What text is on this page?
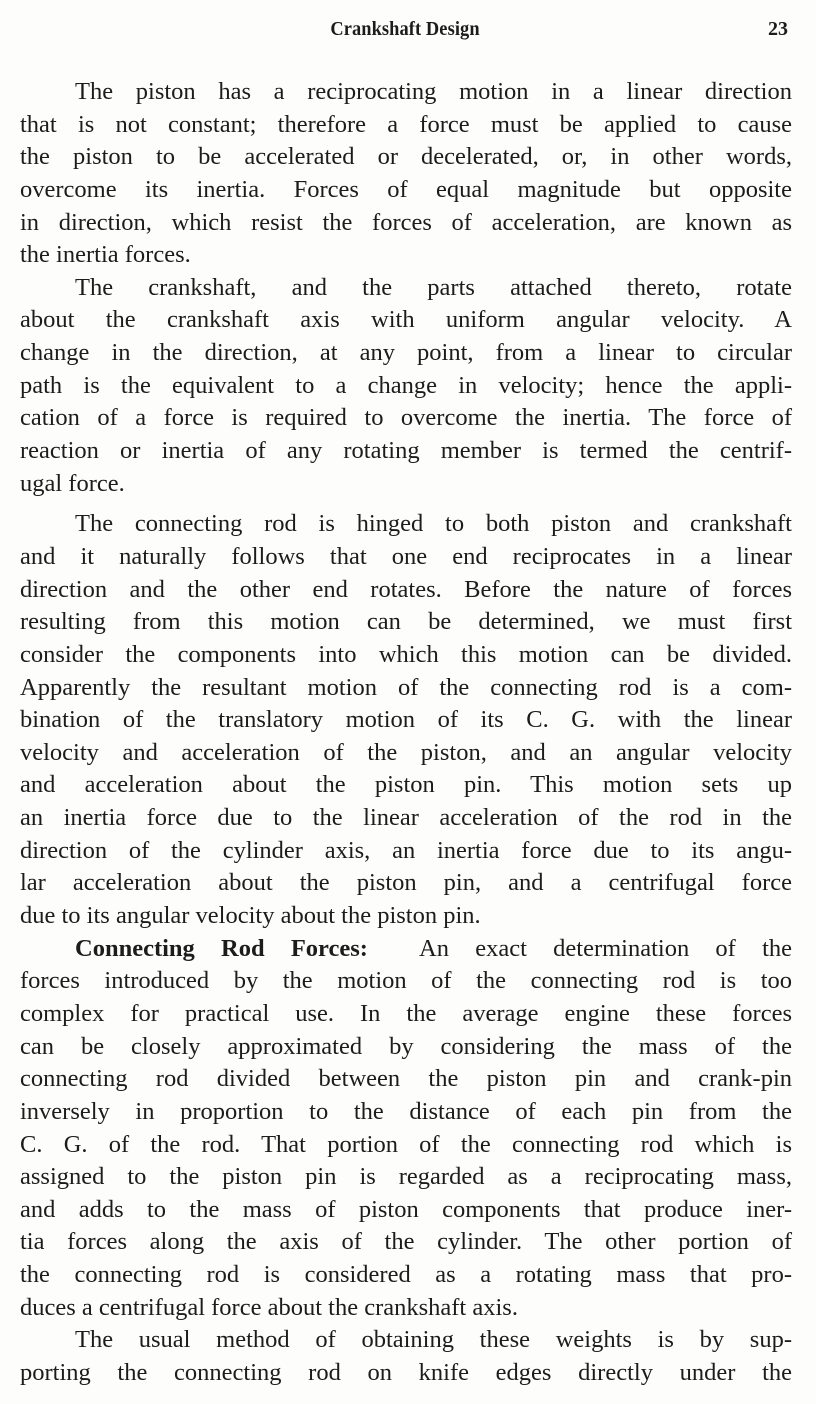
Crankshaft Design	23
The piston has a reciprocating motion in a linear direction
that is not constant; therefore a force must be applied to cause
the piston to be accelerated or decelerated, or, in other words,
overcome its inertia. Forces of equal magnitude but opposite
in direction, which resist the forces of acceleration, are known as
the inertia forces.
The crankshaft, and the parts attached thereto, rotate
about the crankshaft axis with uniform angular velocity. A
change in the direction, at any point, from a linear to circular
path is the equivalent to a change in velocity; hence the appli-
cation of a force is required to overcome the inertia. The force of
reaction or inertia of any rotating member is termed the centrif-
ugal force.
The connecting rod is hinged to both piston and crankshaft
and it naturally follows that one end reciprocates in a linear
direction and the other end rotates. Before the nature of forces
resulting from this motion can be determined, we must first
consider the components into which this motion can be divided.
Apparently the resultant motion of the connecting rod is a com-
bination of the translatory motion of its C. G. with the linear
velocity and acceleration of the piston, and an angular velocity
and acceleration about the piston pin. This motion sets up
an inertia force due to the linear acceleration of the rod in the
direction of the cylinder axis, an inertia force due to its angu-
lar acceleration about the piston pin, and a centrifugal force
due to its angular velocity about the piston pin.
Connecting Rod Forces: An exact determination of the
forces introduced by the motion of the connecting rod is too
complex for practical use. In the average engine these forces
can be closely approximated by considering the mass of the
connecting rod divided between the piston pin and crank-pin
inversely in proportion to the distance of each pin from the
C. G. of the rod. That portion of the connecting rod which is
assigned to the piston pin is regarded as a reciprocating mass,
and adds to the mass of piston components that produce iner-
tia forces along the axis of the cylinder. The other portion of
the connecting rod is considered as a rotating mass that pro-
duces a centrifugal force about the crankshaft axis.
The usual method of obtaining these weights is by sup-
porting the connecting rod on knife edges directly under the
